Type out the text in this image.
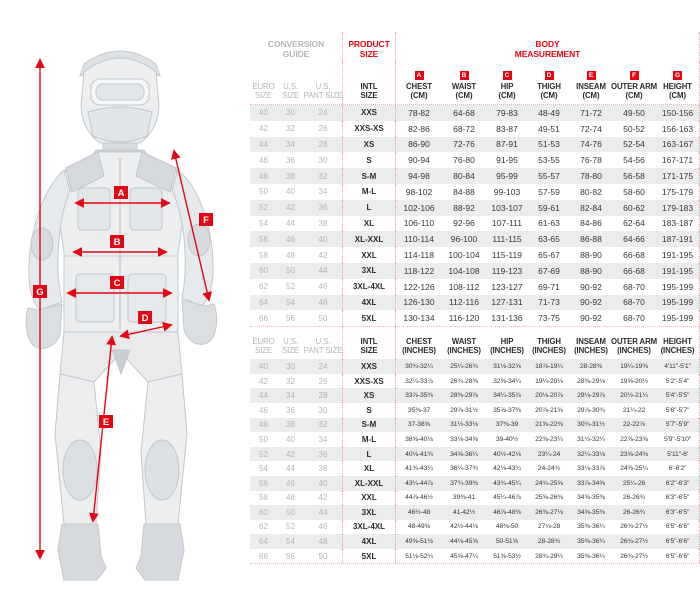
A
B
C
D
E
F
G
CONVERSION
GUIDE
PRODUCT
SIZE
BODY
MEASUREMENT
EURO
SIZE
U.S.
SIZE
U.S.
PANT SIZE
INTL
SIZE
A
CHEST
(CM)
B
WAIST
(CM)
C
HIP
(CM)
D
THIGH
(CM)
E
INSEAM
(CM)
F
OUTER ARM
(CM)
G
HEIGHT
(CM)
40	30	24	XXS	78-82	64-68	79-83	48-49	71-72	49-50	150-156
42	32	26	XXS-XS	82-86	68-72	83-87	49-51	72-74	50-52	156-163
44	34	28	XS	86-90	72-76	87-91	51-53	74-76	52-54	163-167
46	36	30	S	90-94	76-80	91-95	53-55	76-78	54-56	167-171
48	38	32	S-M	94-98	80-84	95-99	55-57	78-80	56-58	171-175
50	40	34	M-L	98-102	84-88	99-103	57-59	80-82	58-60	175-179
52	42	36	L	102-106	88-92	103-107	59-61	82-84	60-62	179-183
54	44	38	XL	106-110	92-96	107-111	61-63	84-86	62-64	183-187
56	46	40	XL-XXL	110-114	96-100	111-115	63-65	86-88	64-66	187-191
58	48	42	XXL	114-118	100-104	115-119	65-67	88-90	66-68	191-195
60	50	44	3XL	118-122	104-108	119-123	67-69	88-90	66-68	191-195
62	52	46	3XL-4XL	122-126	108-112	123-127	69-71	90-92	68-70	195-199
64	54	48	4XL	126-130	112-116	127-131	71-73	90-92	68-70	195-199
66	56	50	5XL	130-134	116-120	131-136	73-75	90-92	68-70	195-199
EURO
SIZE
U.S.
SIZE
U.S.
PANT SIZE
INTL
SIZE
CHEST
(INCHES)
WAIST
(INCHES)
HIP
(INCHES)
THIGH
(INCHES)
INSEAM
(INCHES)
OUTER ARM
(INCHES)
HEIGHT
(INCHES)
40	30	24	XXS	30¾-32¼	25¼-26¾	31⅛-32⅝	18⅞-19¼	28-28⅜	19¼-19⅝	4'11"-5'1"
42	32	26	XXS-XS	32¼-33⅞	26¾-28⅜	32⅝-34¼	19¼-20⅛	28⅜-29⅛	19⅝-20½	5'2"-5'4"
44	34	28	XS	33⅞-35⅜	28⅜-29⅞	34¼-35⅞	20⅛-20⅞	29⅛-29⅞	20½-21¼	5'4"-5'5"
46	36	30	S	35⅜-37	29⅞-31½	35⅞-37⅜	20⅞-21⅝	29⅞-30¾	21¼-22	5'6"-5'7"
48	38	32	S-M	37-38⅝	31½-33⅛	37⅜-39	21⅝-22⅜	30¾-31½	22-22⅞	5'7"-5'9"
50	40	34	M-L	38⅝-40⅛	33⅛-34⅝	39-40½	22⅜-23¼	31½-32¼	22⅞-23⅝	5'9"-5'10"
52	42	36	L	40⅛-41¾	34⅝-36¼	40½-42⅛	23¼-24	32¼-33⅛	23⅝-24⅜	5'11"-6'
54	44	38	XL	41¾-43¼	36¼-37¾	42⅛-43¾	24-24¾	33⅛-33⅞	24⅜-25¼	6'-6'2"
56	46	40	XL-XXL	43¼-44⅞	37¾-39⅜	43¾-45¼	24¾-25⅝	33⅞-34⅝	25¼-26	6'2"-6'3"
58	48	42	XXL	44⅞-46½	39⅜-41	45¼-46⅞	25⅝-26⅜	34⅝-35⅜	26-26¾	6'3"-6'5"
60	50	44	3XL	46½-48	41-42½	46⅞-48⅜	26⅜-27⅛	34⅝-35⅜	26-26¾	6'3"-6'5"
62	52	46	3XL-4XL	48-49⅝	42½-44⅛	48⅜-50	27⅛-28	35⅜-36¼	26¾-27½	6'5"-6'6"
64	54	48	4XL	49⅝-51⅛	44⅛-45⅝	50-51⅝	28-28¾	35⅜-36¼	26¾-27½	6'5"-6'6"
66	56	50	5XL	51⅛-52¾	45⅝-47¼	51⅝-53½	28¾-29½	35⅜-36¼	26¾-27½	6'5"-6'6"
